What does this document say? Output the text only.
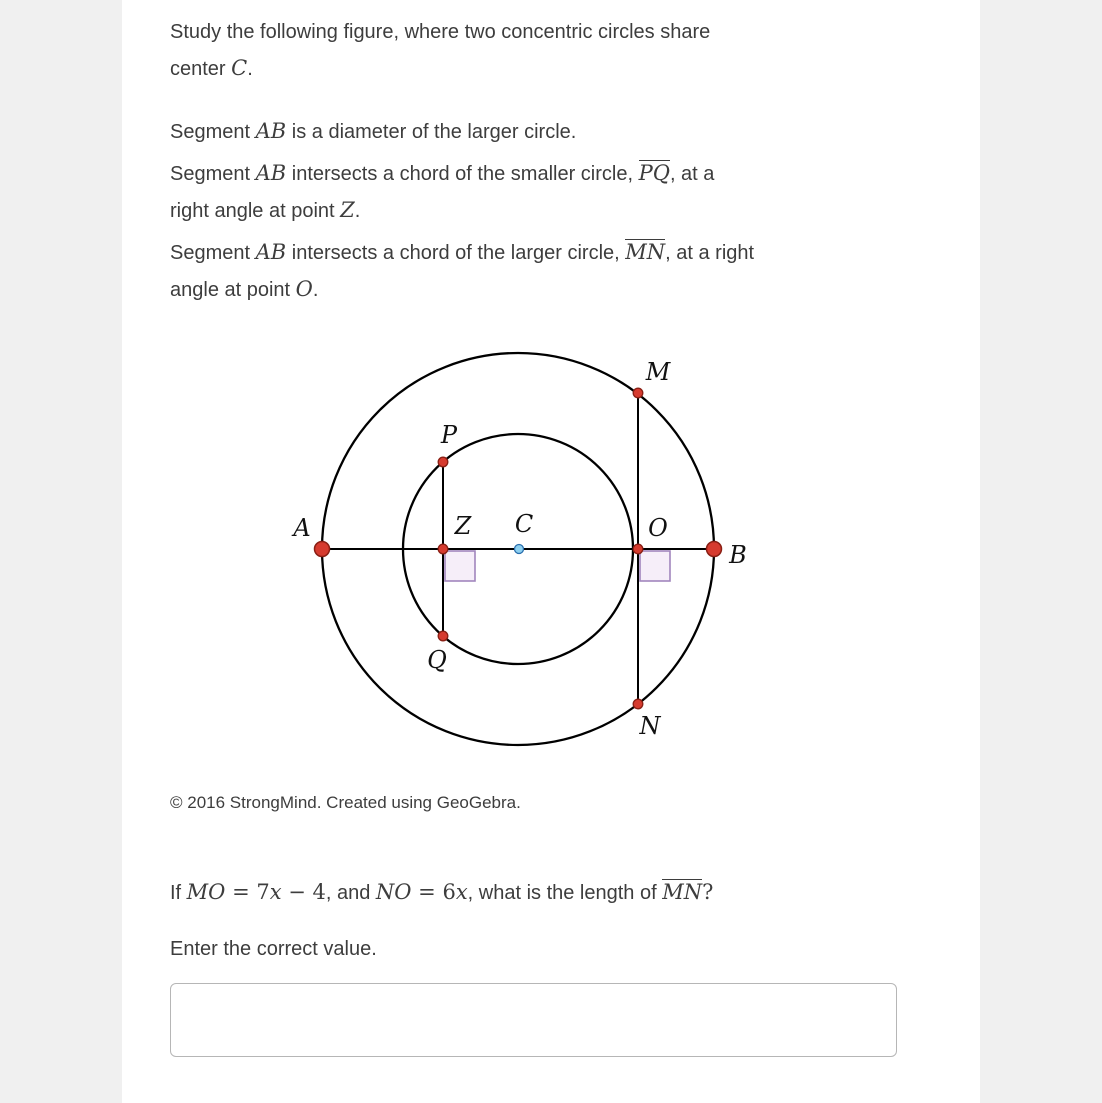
Study the following figure, where two concentric circles share
center C.

Segment AB is a diameter of the larger circle.

Segment AB intersects a chord of the smaller circle, PQ, at a
right angle at point Z.

Segment AB intersects a chord of the larger circle, MN, at a right
angle at point O.

A
B
C
M
N
P
Q
Z	O

© 2016 StrongMind. Created using GeoGebra.

If MO = 7x − 4, and NO = 6x, what is the length of MN?

Enter the correct value.
